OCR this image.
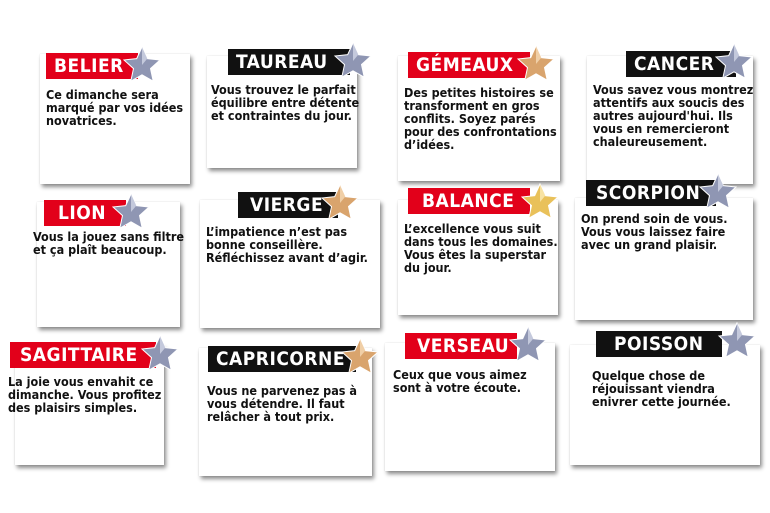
BELIER
Ce dimanche sera
marqué par vos idées
novatrices.
TAUREAU
Vous trouvez le parfait
équilibre entre détente
et contraintes du jour.
GÉMEAUX
Des petites histoires se
transforment en gros
conflits. Soyez parés
pour des confrontations
d’idées.
CANCER
Vous savez vous montrez
attentifs aux soucis des
autres aujourd'hui. Ils
vous en remercieront
chaleureusement.
LION
Vous la jouez sans filtre
et ça plaît beaucoup.
VIERGE
L’impatience n’est pas
bonne conseillère.
Réfléchissez avant d’agir.
BALANCE
L’excellence vous suit
dans tous les domaines.
Vous êtes la superstar
du jour.
SCORPION
On prend soin de vous.
Vous vous laissez faire
avec un grand plaisir.
SAGITTAIRE
La joie vous envahit ce
dimanche. Vous profitez
des plaisirs simples.
CAPRICORNE
Vous ne parvenez pas à
vous détendre. Il faut
relâcher à tout prix.
VERSEAU
Ceux que vous aimez
sont à votre écoute.
POISSON
Quelque chose de
réjouissant viendra
enivrer cette journée.
